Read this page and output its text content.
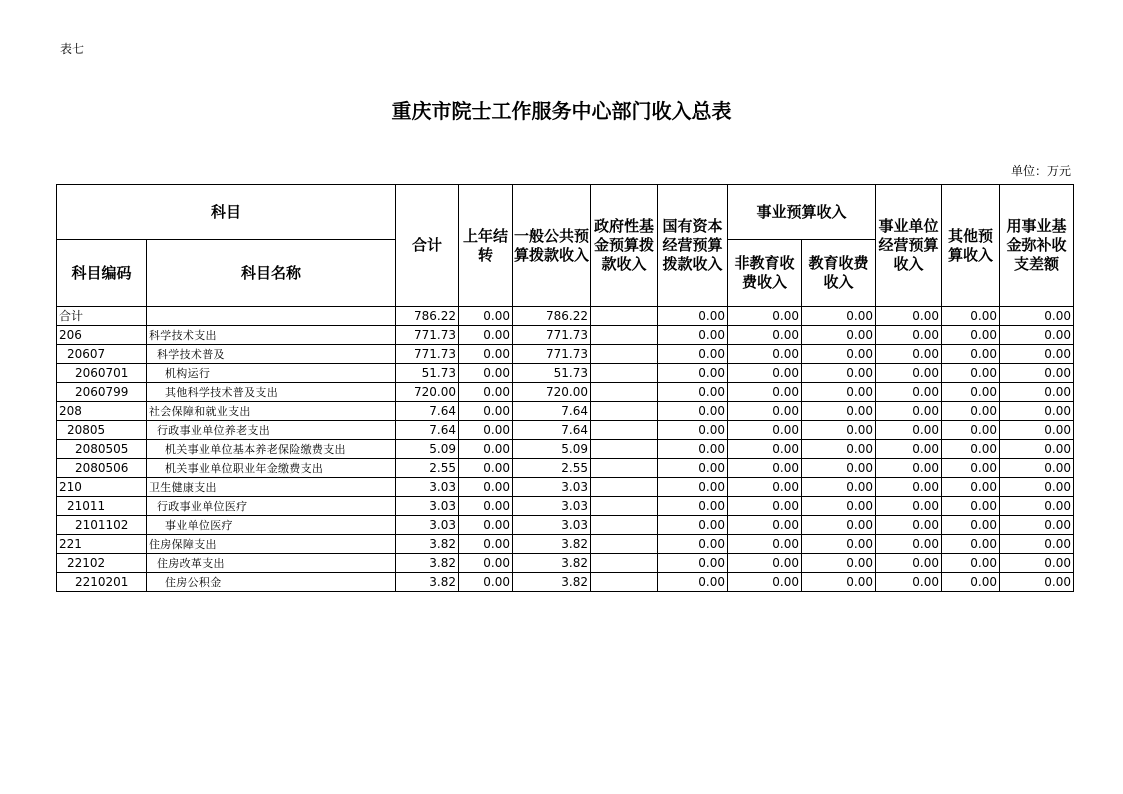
表七
重庆市院士工作服务中心部门收入总表
单位：万元
科目		合计	上年结转	一般公共预算拨款收入	政府性基金预算拨款收入	国有资本经营预算拨款收入	事业预算收入		事业单位经营预算收入	其他预算收入	用事业基金弥补收支差额
科目编码	科目名称						非教育收费收入	教育收费收入			
合计		786.22	0.00	786.22		0.00	0.00	0.00	0.00	0.00	0.00
206	科学技术支出	771.73	0.00	771.73		0.00	0.00	0.00	0.00	0.00	0.00
20607	科学技术普及	771.73	0.00	771.73		0.00	0.00	0.00	0.00	0.00	0.00
2060701	机构运行	51.73	0.00	51.73		0.00	0.00	0.00	0.00	0.00	0.00
2060799	其他科学技术普及支出	720.00	0.00	720.00		0.00	0.00	0.00	0.00	0.00	0.00
208	社会保障和就业支出	7.64	0.00	7.64		0.00	0.00	0.00	0.00	0.00	0.00
20805	行政事业单位养老支出	7.64	0.00	7.64		0.00	0.00	0.00	0.00	0.00	0.00
2080505	机关事业单位基本养老保险缴费支出	5.09	0.00	5.09		0.00	0.00	0.00	0.00	0.00	0.00
2080506	机关事业单位职业年金缴费支出	2.55	0.00	2.55		0.00	0.00	0.00	0.00	0.00	0.00
210	卫生健康支出	3.03	0.00	3.03		0.00	0.00	0.00	0.00	0.00	0.00
21011	行政事业单位医疗	3.03	0.00	3.03		0.00	0.00	0.00	0.00	0.00	0.00
2101102	事业单位医疗	3.03	0.00	3.03		0.00	0.00	0.00	0.00	0.00	0.00
221	住房保障支出	3.82	0.00	3.82		0.00	0.00	0.00	0.00	0.00	0.00
22102	住房改革支出	3.82	0.00	3.82		0.00	0.00	0.00	0.00	0.00	0.00
2210201	住房公积金	3.82	0.00	3.82		0.00	0.00	0.00	0.00	0.00	0.00
